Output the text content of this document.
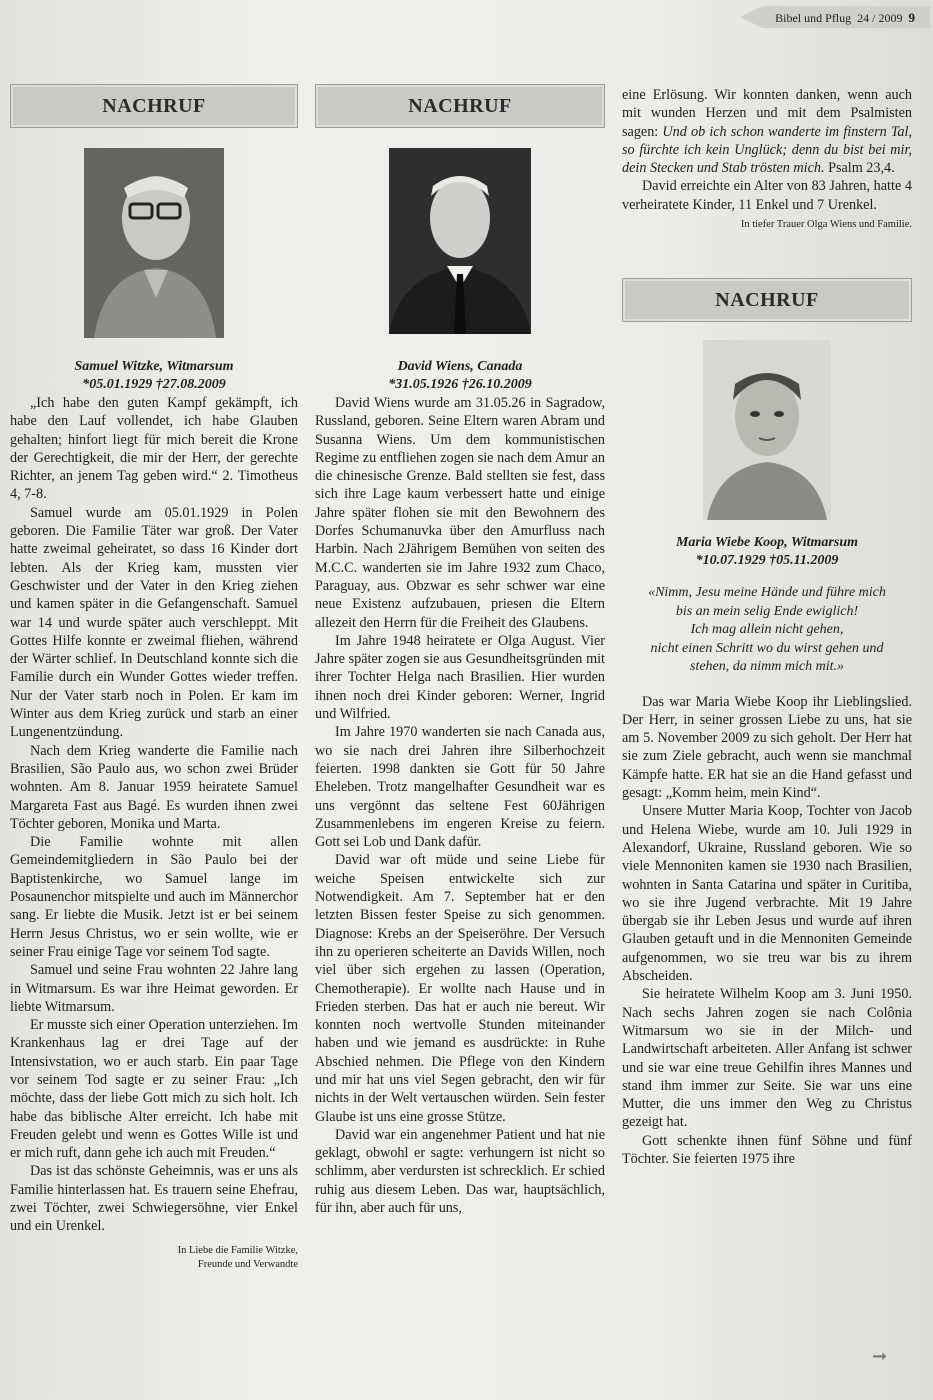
Bibel und Pflug 24 / 2009 9
NACHRUF
Samuel Witzke, Witmarsum
*05.01.1929 †27.08.2009

„Ich habe den guten Kampf gekämpft, ich habe den Lauf vollendet, ich habe Glauben gehalten; hinfort liegt für mich bereit die Krone der Gerechtigkeit, die mir der Herr, der gerechte Richter, an jenem Tag geben wird.“ 2. Timotheus 4, 7-8.

Samuel wurde am 05.01.1929 in Polen geboren. Die Familie Täter war groß. Der Vater hatte zweimal geheiratet, so dass 16 Kinder dort lebten. Als der Krieg kam, mussten vier Geschwister und der Vater in den Krieg ziehen und kamen später in die Gefangenschaft. Samuel war 14 und wurde später auch verschleppt. Mit Gottes Hilfe konnte er zweimal fliehen, während der Wärter schlief. In Deutschland konnte sich die Familie durch ein Wunder Gottes wieder treffen. Nur der Vater starb noch in Polen. Er kam im Winter aus dem Krieg zurück und starb an einer Lungenentzündung.

Nach dem Krieg wanderte die Familie nach Brasilien, São Paulo aus, wo schon zwei Brüder wohnten. Am 8. Januar 1959 heiratete Samuel Margareta Fast aus Bagé. Es wurden ihnen zwei Töchter geboren, Monika und Marta.

Die Familie wohnte mit allen Gemeindemitgliedern in São Paulo bei der Baptistenkirche, wo Samuel lange im Posaunenchor mitspielte und auch im Männerchor sang. Er liebte die Musik. Jetzt ist er bei seinem Herrn Jesus Christus, wo er sein wollte, wie er seiner Frau einige Tage vor seinem Tod sagte.

Samuel und seine Frau wohnten 22 Jahre lang in Witmarsum. Es war ihre Heimat geworden. Er liebte Witmarsum.

Er musste sich einer Operation unterziehen. Im Krankenhaus lag er drei Tage auf der Intensivstation, wo er auch starb. Ein paar Tage vor seinem Tod sagte er zu seiner Frau: „Ich möchte, dass der liebe Gott mich zu sich holt. Ich habe das biblische Alter erreicht. Ich habe mit Freuden gelebt und wenn es Gottes Wille ist und er mich ruft, dann gehe ich auch mit Freuden.“

Das ist das schönste Geheimnis, was er uns als Familie hinterlassen hat. Es trauern seine Ehefrau, zwei Töchter, zwei Schwiegersöhne, vier Enkel und ein Urenkel.

In Liebe die Familie Witzke,
Freunde und Verwandte
NACHRUF
David Wiens, Canada
*31.05.1926 †26.10.2009

David Wiens wurde am 31.05.26 in Sagradow, Russland, geboren. Seine Eltern waren Abram und Susanna Wiens. Um dem kommunistischen Regime zu entfliehen zogen sie nach dem Amur an die chinesische Grenze. Bald stellten sie fest, dass sich ihre Lage kaum verbessert hatte und einige Jahre später flohen sie mit den Bewohnern des Dorfes Schumanuvka über den Amurfluss nach Harbin. Nach 2Jährigem Bemühen von seiten des M.C.C. wanderten sie im Jahre 1932 zum Chaco, Paraguay, aus. Obzwar es sehr schwer war eine neue Existenz aufzubauen, priesen die Eltern allezeit den Herrn für die Freiheit des Glaubens.

Im Jahre 1948 heiratete er Olga August. Vier Jahre später zogen sie aus Gesundheitsgründen mit ihrer Tochter Helga nach Brasilien. Hier wurden ihnen noch drei Kinder geboren: Werner, Ingrid und Wilfried.

Im Jahre 1970 wanderten sie nach Canada aus, wo sie nach drei Jahren ihre Silberhochzeit feierten. 1998 dankten sie Gott für 50 Jahre Eheleben. Trotz mangelhafter Gesundheit war es uns vergönnt das seltene Fest 60Jährigen Zusammenlebens im engeren Kreise zu feiern. Gott sei Lob und Dank dafür.

David war oft müde und seine Liebe für weiche Speisen entwickelte sich zur Notwendigkeit. Am 7. September hat er den letzten Bissen fester Speise zu sich genommen. Diagnose: Krebs an der Speiseröhre. Der Versuch ihn zu operieren scheiterte an Davids Willen, noch viel über sich ergehen zu lassen (Operation, Chemotherapie). Er wollte nach Hause und in Frieden sterben. Das hat er auch nie bereut. Wir konnten noch wertvolle Stunden miteinander haben und wie jemand es ausdrückte: in Ruhe Abschied nehmen. Die Pflege von den Kindern und mir hat uns viel Segen gebracht, den wir für nichts in der Welt vertauschen würden. Sein fester Glaube ist uns eine grosse Stütze.

David war ein angenehmer Patient und hat nie geklagt, obwohl er sagte: verhungern ist nicht so schlimm, aber verdursten ist schrecklich. Er schied ruhig aus diesem Leben. Das war, hauptsächlich, für ihn, aber auch für uns,

eine Erlösung. Wir konnten danken, wenn auch mit wunden Herzen und mit dem Psalmisten sagen: Und ob ich schon wanderte im finstern Tal, so fürchte ich kein Unglück; denn du bist bei mir, dein Stecken und Stab trösten mich. Psalm 23,4.

David erreichte ein Alter von 83 Jahren, hatte 4 verheiratete Kinder, 11 Enkel und 7 Urenkel.

In tiefer Trauer Olga Wiens und Familie.
NACHRUF
Maria Wiebe Koop, Witmarsum
*10.07.1929 †05.11.2009
«Nimm, Jesu meine Hände und führe mich
bis an mein selig Ende ewiglich!
Ich mag allein nicht gehen,
nicht einen Schritt wo du wirst gehen und
stehen, da nimm mich mit.»

Das war Maria Wiebe Koop ihr Lieblingslied. Der Herr, in seiner grossen Liebe zu uns, hat sie am 5. November 2009 zu sich geholt. Der Herr hat sie zum Ziele gebracht, auch wenn sie manchmal Kämpfe hatte. ER hat sie an die Hand gefasst und gesagt: „Komm heim, mein Kind“.

Unsere Mutter Maria Koop, Tochter von Jacob und Helena Wiebe, wurde am 10. Juli 1929 in Alexandorf, Ukraine, Russland geboren. Wie so viele Mennoniten kamen sie 1930 nach Brasilien, wohnten in Santa Catarina und später in Curitiba, wo sie ihre Jugend verbrachte. Mit 19 Jahre übergab sie ihr Leben Jesus und wurde auf ihren Glauben getauft und in die Mennoniten Gemeinde aufgenommen, wo sie treu war bis zu ihrem Abscheiden.

Sie heiratete Wilhelm Koop am 3. Juni 1950. Nach sechs Jahren zogen sie nach Colônia Witmarsum wo sie in der Milch- und Landwirtschaft arbeiteten. Aller Anfang ist schwer und sie war eine treue Gehilfin ihres Mannes und stand ihm immer zur Seite. Sie war uns eine Mutter, die uns immer den Weg zu Christus gezeigt hat.

Gott schenkte ihnen fünf Söhne und fünf Töchter. Sie feierten 1975 ihre

➞
